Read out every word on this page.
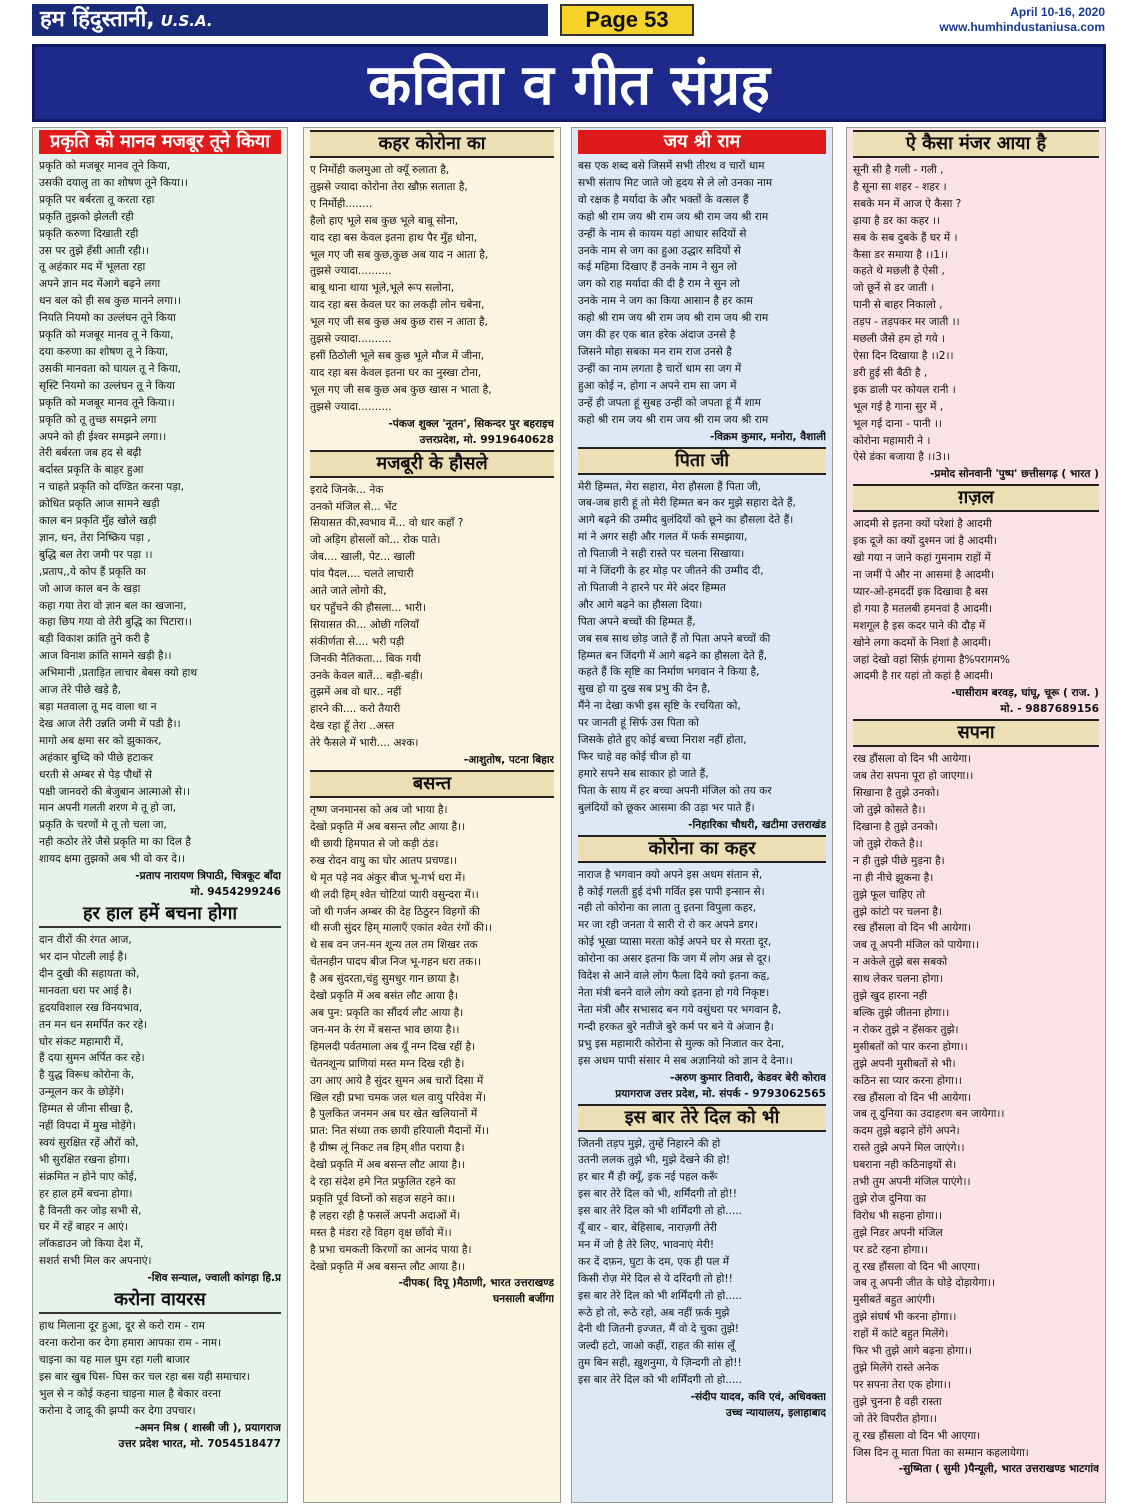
हम हिंदुस्तानी, U.S.A.	Page 53	April 10-16, 2020
www.humhindustaniusa.com
कविता व गीत संग्रह
प्रकृति को मानव मजबूर तूने किया
प्रकृति को मजबूर मानव तूने किया,
उसकी दयालु ता का शोषण तूने किया।।
प्रकृति पर बर्बरता तू करता रहा
प्रकृति तुझको झेलती रही
प्रकृति करुणा दिखाती रही
उस पर तुझे हँसी आती रही।।
तू अहंकार मद में भूलता रहा
अपने ज्ञान मद मेंआगे बढ़ने लगा
धन बल को ही सब कुछ मानने लगा।।
नियति नियमो का उल्लंघन तूने किया
प्रकृति को मजबूर मानव तू ने किया,
दया करुणा का शोषण तू ने किया,
उसकी मानवता को घायल तू ने किया,
सृस्टि नियमो का उल्लंघन तू ने किया
प्रकृति को मजबूर मानव तूने किया।।
प्रकृति को तू तुच्छ समझने लगा
अपने को ही ईश्वर समझने लगा।।
तेरी बर्बरता जब हद से बढ़ी
बर्दास्त प्रकृति के बाहर हुआ
न चाहते प्रकृति को दण्डित करना पड़ा,
क्रोधित प्रकृति आज सामने खड़ी
काल बन प्रकृति मुँह खोले खड़ी
ज्ञान, धन, तेरा निष्क्रिय पड़ा ,
बुद्धि बल तेरा जमी पर पड़ा ।।
,प्रताप,,ये कोप हैं प्रकृति का
जो आज काल बन के खड़ा
कहा गया तेरा वो ज्ञान बल का खजाना,
कहा छिप गया वो तेरी बुद्धि का पिटारा।।
बड़ी विकाश क्रांति तुने करी है
आज विनाश क्रांति सामने खड़ी है।।
अभिमानी ,प्रताड़ित लाचार बेबस क्यो हाथ
आज तेरे पीछे खड़े है,
बड़ा मतवाला तू मद वाला था न
देख आज तेरी उन्नति जमी में पडी है।।
मागो अब क्षमा सर को झुकाकर,
अहंकार बुध्दि को पीछे हटाकर
धरती से अम्बर से पेड़ पौधों से
पक्षी जानवरो की बेजुबान आत्माओ से।।
मान अपनी गलती शरण मे तू हो जा,
प्रकृति के चरणों मे तू तो चला जा,
नही कठोर तेरे जैसे प्रकृति मा का दिल है
शायद क्षमा तुझको अब भी वो कर दे।।
-प्रताप नारायण त्रिपाठी, चित्रकूट बाँदा
मो. 9454299246
हर हाल हमें बचना होगा
दान वीरों की रंगत आज,
भर दान पोटली लाई है।
दीन दुखी की सहायता को,
मानवता धरा पर आई है।
हृदयविशाल रख विनयभाव,
तन मन धन समर्पित कर रहे।
घोर संकट महामारी में,
हैं दया सुमन अर्पित कर रहे।
है युद्ध विरूध कोरोना के,
उन्मूलन कर के छोड़ेंगे।
हिम्मत से जीना सीखा है,
नहीं विपदा में मुख मोड़ेंगे।
स्वयं सुरक्षित रहें औरों को,
भी सुरक्षित रखना होगा।
संक्रमित न होने पाए कोई,
हर हाल हमें बचना होगा।
है विनती कर जोड़ सभी से,
घर में रहें बाहर न आएं।
लॉकडाउन जो किया देश में,
सशर्त सभी मिल कर अपनाएं।
-शिव सन्याल, ज्वाली कांगड़ा हि.प्र
करोना वायरस
हाथ मिलाना दूर हुआ, दूर से करो राम - राम
वरना करोना कर देगा हमारा आपका राम - नाम।
चाइना का यह माल घुम रहा गली बाजार
इस बार खुब घिस- घिस कर चल रहा बस यही समाचार।
भुल से न कोई कहना चाइना माल है बेकार वरना
करोना दे जादू की झप्पी कर देगा उपचार।
-अमन मिश्र ( शास्त्री जी ), प्रयागराज
उत्तर प्रदेश भारत, मो. 7054518477
कहर कोरोना का
ए निर्मोही कलमुआ तो क्यूँ रुलाता है,
तुझसे ज्यादा कोरोना तेरा खौफ़ सताता है,
ए निर्मोही........
हैलो हाए भूले सब कुछ भूले बाबू सोना,
याद रहा बस केवल इतना हाथ पैर मुँह धोना,
भूल गए जी सब कुछ,कुछ अब याद न आता है,
तुझसे ज्यादा..........
बाबू थाना थाया भूले,भूले रूप सलोना,
याद रहा बस केवल घर का लकड़ी लोन चबेना,
भूल गए जी सब कुछ अब कुछ रास न आता है,
तुझसे ज्यादा..........
हसीं ठिठोली भूले सब कुछ भूले मौज में जीना,
याद रहा बस केवल इतना घर का नुस्खा टोना,
भूल गए जी सब कुछ अब कुछ खास न भाता है,
तुझसे ज्यादा..........
-पंकज शुक्ल 'नूतन', सिकन्दर पुर बहराइच
उत्तरप्रदेश, मो. 9919640628
मजबूरी के हौसले
इरादे जिनके... नेक
उनको मंजिल से... भेंट
सियासत की,स्वभाव में... वो धार कहाँ ?
जो अड़िग होसलों को... रोक पाते।
जेब.... खाली, पेट... खाली
पांव पैदल.... चलते लाचारी
आते जाते लोगो की,
घर पहुँचने की हौसला... भारी।
सियासत की... ओछी गलियाँ
संकीर्णता से.... भरी पड़ी
जिनकी नैतिकता... बिक गयी
उनके केवल बातें... बड़ी-बड़ी।
तुझमें अब वो धार.. नहीं
हारने की.... करो तैयारी
देख रहा हूँ तेरा ..अस्त
तेरे फैसले में भारी.... अश्क।
-आशुतोष, पटना बिहार
बसन्त
तृष्ण जनमानस को अब जो भाया है।
देखो प्रकृति में अब बसन्त लौट आया है।।
थी छायी हिमपात से जो कड़ी ठंड।
रुख रोदन वायु का घोर आतप प्रचण्ड।।
थे मृत पड़े नव अंकुर बीज भू-गर्भ धरा में।
थी लदी हिम् श्वेत चोटियां प्यारी वसुन्दरा में।।
जो थी गर्जन अम्बर की देह ठिठुरन विहगों की
थी सजी सुंदर हिम् मालाएँ एकांत श्वेत रंगों की।।
थे सब वन जन-मन शून्य तल तम शिखर तक
चेतनहीन पादप बीज निज भू-गहन धरा तक।।
है अब सुंदरता,चंहु सुमधुर गान छाया है।
देखो प्रकृति में अब बसंत लौट आया है।
अब पुन: प्रकृति का सौंदर्य लौट आया है।
जन-मन के रंग में बसन्त भाव छाया है।।
हिमलदी पर्वतमाला अब यूँ नग्न दिख रहीं है।
चेतनशून्य प्राणियां मस्त मग्न दिख रही है।
उग आए आये है सुंदर सुमन अब चारों दिसा में
खिल रही प्रभा चमक जल थल वायु परिवेश में।
है पुलकित जनमन अब घर खेत खलियानों में
प्रात: नित संध्या तक छायी हरियाली मैदानों में।।
है ग्रीष्म लूं निकट तब हिम् शीत पराया है।
देखो प्रकृति में अब बसन्त लौट आया है।।
दे रहा संदेश हमे नित प्रफुलित रहने का
प्रकृति पूर्व विघ्नों को सहज सहने का।।
है लहरा रही है फसलें अपनी अदाओं में।
मस्त है मंडरा रहे विहग वृक्ष छाँवो में।।
है प्रभा चमकती किरणों का आनंद पाया है।
देखो प्रकृति में अब बसन्त लौट आया है।।
-दीपक( दिपू )मैठाणी, भारत उत्तराखण्ड
घनसाली बजींगा
जय श्री राम
बस एक शब्द बसे जिसमें सभी तीरथ व चारों धाम
सभी संताप मिट जाते जो हृदय से ले लो उनका नाम
वो रक्षक है मर्यादा के और भक्तों के वत्सल हैं
कहो श्री राम जय श्री राम जय श्री राम जय श्री राम
उन्हीं के नाम से कायम यहां आधार सदियों से
उनके नाम से जग का हुआ उद्धार सदियों से
कई महिमा दिखाए हैं उनके नाम ने सुन लो
जग को राह मर्यादा की दी है राम ने सुन लो
उनके नाम ने जग का किया आसान है हर काम
कहो श्री राम जय श्री राम जय श्री राम जय श्री राम
जग की हर एक बात हरेक अंदाज उनसे है
जिसने मोहा सबका मन राम राज उनसे है
उन्हीं का नाम लगता है चारों धाम सा जग में
हुआ कोई न, होगा न अपने राम सा जग में
उन्हें ही जपता हूं सुबह उन्हीं को जपता हूं मैं शाम
कहो श्री राम जय श्री राम जय श्री राम जय श्री राम
-विक्रम कुमार, मनोरा, वैशाली
पिता जी
मेरी हिम्मत, मेरा सहारा, मेरा हौसला हैं पिता जी,
जब-जब हारी हूं तो मेरी हिम्मत बन कर मुझे सहारा देते हैं,
आगे बढ़ने की उम्मीद बुलंदियों को छूने का हौसला देते हैं।
मां ने अगर सही और गलत में फर्क समझाया,
तो पिताजी ने सही रास्ते पर चलना सिखाया।
मां ने जिंदगी के हर मोड़ पर जीतने की उम्मीद दी,
तो पिताजी ने हारने पर मेरे अंदर हिम्मत
और आगे बढ़ने का हौसला दिया।
पिता अपने बच्चों की हिम्मत हैं,
जब सब साथ छोड़ जाते हैं तो पिता अपने बच्चों की
हिम्मत बन जिंदगी में आगे बढ़ने का हौसला देते हैं,
कहते हैं कि सृष्टि का निर्माण भगवान ने किया है,
सुख हो या दुख सब प्रभु की देन है,
मैंने ना देखा कभी इस सृष्टि के रचयिता को,
पर जानती हूं सिर्फ उस पिता को
जिसके होते हुए कोई बच्चा निराश नहीं होता,
फिर चाहे वह कोई चीज हो या
हमारे सपने सब साकार हो जाते हैं,
पिता के साय में हर बच्चा अपनी मंजिल को तय कर
बुलंदियों को छूकर आसमा की उड़ा भर पाते हैं।
-निहारिका चौधरी, खटीमा उत्तराखंड
कोरोना का कहर
नाराज है भगवान क्यो अपने इस अधम संतान से,
है कोई गलती हुई दंभी गर्वित इस पापी इन्सान से।
नही तो कोरोना का लाता तु इतना विपुला कहर,
मर जा रही जनता ये सारी रो रो कर अपने डगर।
कोई भूखा प्यासा मरता कोई अपने घर से मरता दूर,
कोरोना का असर इतना कि जग में लोग अन्न से दूर।
विदेश से आने वाले लोग फैला दिये क्यो इतना कहृ,
नेता मंत्री बनने वाले लोग क्यो इतना हो गये निकृष्ट।
नेता मंत्री और सभासद बन गये वसुंधरा पर भगवान है,
गन्दी हरकत बुरे नतीजे बुरे कर्म पर बने ये अंजान है।
प्रभु इस महामारी कोरोना से मुल्क को निजात कर देना,
इस अधम पापी संसार मे सब अज्ञानियो को ज्ञान दे देना।।
-अरुण कुमार तिवारी, केडवर बेरी कोराव
प्रयागराज उत्तर प्रदेश, मो. संपर्क - 9793062565
इस बार तेरे दिल को भी
जितनी तड़प मुझे, तुम्हें निहारने की हो
उतनी ललक तुझे भी, मुझे देखने की हो!
हर बार मैं ही क्यूँ, इक नई पहल करूँ
इस बार तेरे दिल को भी, शर्मिंदगी तो हो!!
इस बार तेरे दिल को भी शर्मिंदगी तो हो.....
यूँ बार - बार, बेहिसाब, नाराज़गी तेरी
मन में जो है तेरे लिए, भावनाएं मेरी!
कर दें दफ़न, घुटा के दम, एक ही पल में
किसी रोज़ मेरे दिल से ये दरिंदगी तो हो!!
इस बार तेरे दिल को भी शर्मिंदगी तो हो.....
रूठे हो तो, रूठे रहो, अब नहीं फ़र्क मुझे
देनी थी जितनी इज्जत, मैं वो दे चुका तुझे!
जल्दी हटो, जाओ कहीं, राहत की सांस लूँ
तुम बिन सही, ख़ुशनुमा, ये ज़िन्दगी तो हो!!
इस बार तेरे दिल को भी शर्मिंदगी तो हो.....
-संदीप यादव, कवि एवं, अधिवक्ता
उच्च न्यायालय, इलाहाबाद
ऐ कैसा मंजर आया है
सूनी सी है गली - गली ,
है सूना सा शहर - शहर ।
सबके मन में आज ऐ कैसा ?
ढ़ाया है डर का कहर ।।
सब के सब दुबके हैं घर में ।
कैसा डर समाया है ।।1।।
कहते थे मछली है ऐसी ,
जो छूनें से डर जाती ।
पानी से बाहर निकालो ,
तड़प - तड़पकर मर जाती ।।
मछली जैसे हम हो गये ।
ऐसा दिन दिखाया है ।।2।।
डरी हुई सी बैठी है ,
इक डाली पर कोयल रानी ।
भूल गई है गाना सुर में ,
भूल गई दाना - पानी ।।
कोरोना महामारी ने ।
ऐसे डंका बजाया है ।।3।।
-प्रमोद सोनवानी 'पुष्प' छत्तीसगढ़ ( भारत )
ग़ज़ल
आदमी से इतना क्यों परेशां है आदमी
इक दूजे का क्यों दुश्मन जां है आदमी।
खो गया न जाने कहां गुमनाम राहों में
ना जमीं पे और ना आसमां है आदमी।
प्यार-ओ-हमदर्दी इक दिखावा है बस
हो गया है मतलबी हमनवां है आदमी।
मशगूल है इस कदर पाने की दौड़ में
खोने लगा कदमों के निशां है आदमी।
जहां देखो वहां सिर्फ़ हंगामा है%परागम%
आदमी है ग़र यहां तो कहां है आदमी।
-घासीराम बरवड़, घांघू, चूरू ( राज. )
मो. - 9887689156
सपना
रख हौंसला वो दिन भी आयेगा।
जब तेरा सपना पूरा हो जाएगा।।
सिखाना है तुझे उनको।
जो तुझे कोसते है।।
दिखाना है तुझे उनको।
जो तुझे रोकते है।।
न ही तुझे पीछे मुड़ना है।
ना ही नीचे झुकना है।
तुझे फूल चाहिए तो
तुझे कांटो पर चलना है।
रख हौंसला वो दिन भी आयेगा।
जब तू अपनी मंजिल को पायेगा।।
न अकेले तुझे बस सबको
साथ लेकर चलना होगा।
तुझे खुद हारना नही
बल्कि तुझे जीतना होगा।।
न रोकर तुझे न हँसकर तुझे।
मुसीबतों को पार करना होगा।।
तुझे अपनी मुसीबतों से भी।
कठिन सा प्यार करना होगा।।
रख हौंसला वो दिन भी आयेगा।
जब तू दुनिया का उदाहरण बन जायेगा।।
कदम तुझे बढ़ाने होंगे अपने।
रास्ते तुझे अपने मिल जाएंगे।।
घबराना नही कठिनाइयों से।
तभी तुम अपनी मंजिल पाएंगे।।
तुझे रोज दुनिया का
विरोध भी सहना होगा।।
तुझे निडर अपनी मंजिल
पर डटे रहना होगा।।
तू रख हौंसला वो दिन भी आएगा।
जब तू अपनी जीत के घोड़े दोड़ायेगा।।
मुसीबतें बहुत आएंगी।
तुझे संघर्ष भी करना होगा।।
राहों में कांटे बहुत मिलेंगे।
फिर भी तुझे आगे बढ़ना होगा।।
तुझे मिलेंगे रास्ते अनेक
पर सपना तेरा एक होगा।।
तुझे चुनना है वही रास्ता
जो तेरे विपरीत होगा।।
तू रख हौंसला वो दिन भी आएगा।
जिस दिन तू माता पिता का सम्मान कहलायेगा।
-सुष्मिता ( सुमी )पैन्यूली, भारत उत्तराखण्ड भाटगांव
